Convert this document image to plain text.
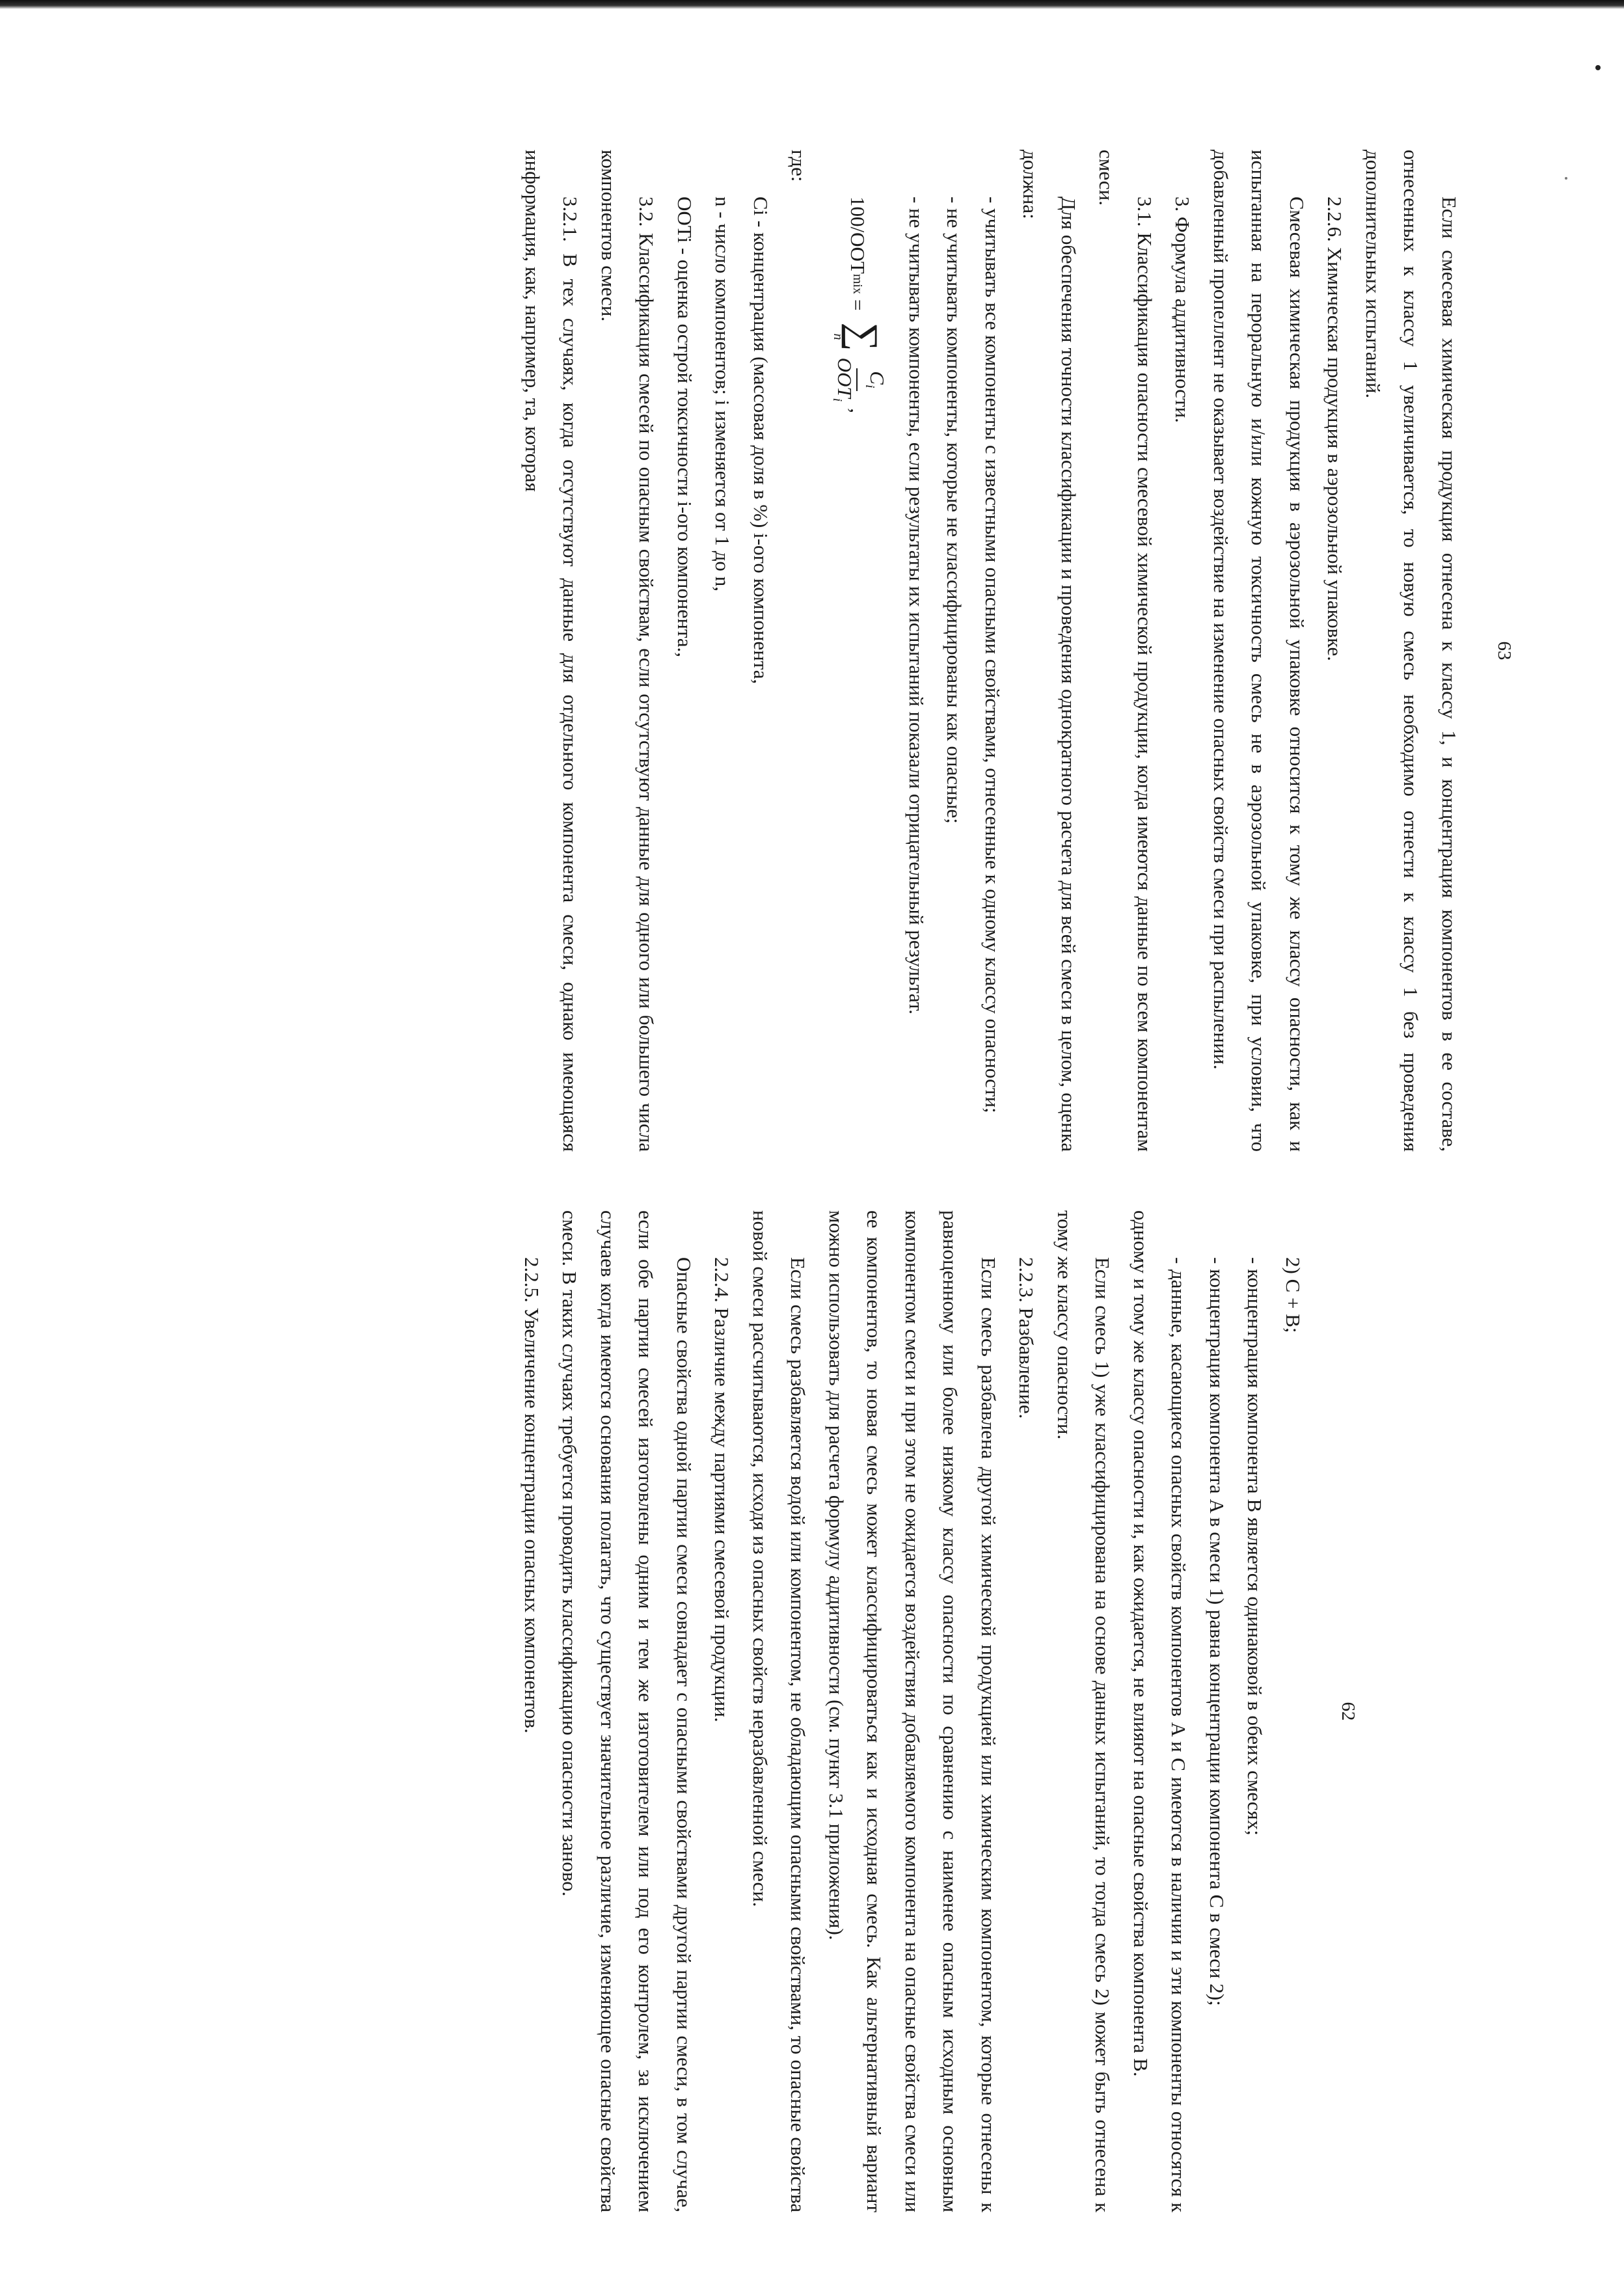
62

2) C + B;

- концентрация компонента B является одинаковой в обеих смесях;

- концентрация компонента A в смеси 1) равна концентрации компонента C в смеси 2);

- данные, касающиеся опасных свойств компонентов A и C имеются в наличии и эти компоненты относятся к одному и тому же классу опасности и, как ожидается, не влияют на опасные свойства компонента B.

Если смесь 1) уже классифицирована на основе данных испытаний, то тогда смесь 2) может быть отнесена к тому же классу опасности.

2.2.3. Разбавление.

Если смесь разбавлена другой химической продукцией или химическим компонентом, которые отнесены к равноценному или более низкому классу опасности по сравнению с наименее опасным исходным основным компонентом смеси и при этом не ожидается воздействия добавляемого компонента на опасные свойства смеси или ее компонентов, то новая смесь может классифицироваться как и исходная смесь. Как альтернативный вариант можно использовать для расчета формулу аддитивности (см. пункт 3.1 приложения).

Если смесь разбавляется водой или компонентом, не обладающим опасными свойствами, то опасные свойства новой смеси рассчитываются, исходя из опасных свойств неразбавленной смеси.

2.2.4. Различие между партиями смесевой продукции.

Опасные свойства одной партии смеси совпадает с опасными свойствами другой партии смеси, в том случае, если обе партии смесей изготовлены одним и тем же изготовителем или под его контролем, за исключением случаев когда имеются основания полагать, что существует значительное различие, изменяющее опасные свойства смеси. В таких случаях требуется проводить классификацию опасности заново.

2.2.5. Увеличение концентрации опасных компонентов.

63

Если смесевая химическая продукция отнесена к классу 1, и концентрация компонентов в ее составе, отнесенных к классу 1 увеличивается, то новую смесь необходимо отнести к классу 1 без проведения дополнительных испытаний.

2.2.6. Химическая продукция в аэрозольной упаковке.

Смесевая химическая продукция в аэрозольной упаковке относится к тому же классу опасности, как и испытанная на пероральную и/или кожную токсичность смесь не в аэрозольной упаковке, при условии, что добавленный пропеллент не оказывает воздействие на изменение опасных свойств смеси при распылении.

3. Формула аддитивности.

3.1. Классификация опасности смесевой химической продукции, когда имеются данные по всем компонентам смеси.

Для обеспечения точности классификации и проведения однократного расчета для всей смеси в целом, оценка должна:

- учитывать все компоненты с известными опасными свойствами, отнесенные к одному классу опасности;

- не учитывать компоненты, которые не классифицированы как опасные;

- не учитывать компоненты, если результаты их испытаний показали отрицательный результат.

100/OOT
mix
=
∑
n
$C_i$
$OOT_i$
,

где:

Ci - концентрация (массовая доля в %) i-ого компонента,

n - число компонентов; i изменяется от 1 до n,

OOTi - оценка острой токсичности i-ого компонента.,

3.2. Классификация смесей по опасным свойствам, если отсутствуют данные для одного или большего числа компонентов смеси.

3.2.1. В тех случаях, когда отсутствуют данные для отдельного компонента смеси, однако имеющаяся информация, как, например, та, которая
